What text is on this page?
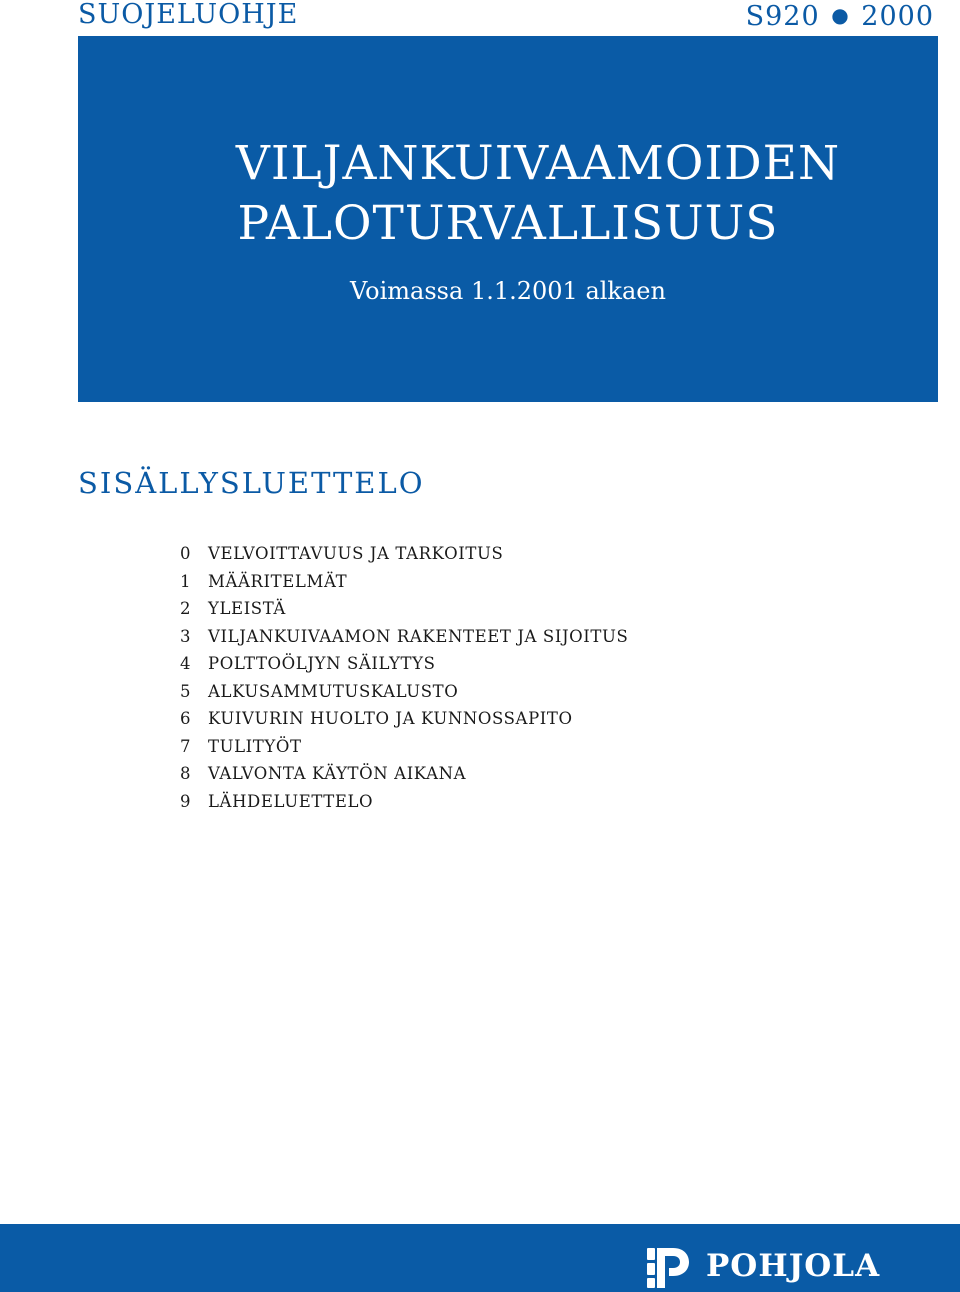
SUOJELUOHJE	S920 ● 2000
VILJANKUIVAAMOIDEN
PALOTURVALLISUUS
Voimassa 1.1.2001 alkaen
SISÄLLYSLUETTELO
0 VELVOITTAVUUS JA TARKOITUS
1 MÄÄRITELMÄT
2 YLEISTÄ
3 VILJANKUIVAAMON RAKENTEET JA SIJOITUS
4 POLTTOÖLJYN SÄILYTYS
5 ALKUSAMMUTUSKALUSTO
6 KUIVURIN HUOLTO JA KUNNOSSAPITO
7 TULITYÖT
8 VALVONTA KÄYTÖN AIKANA
9 LÄHDELUETTELO
POHJOLA
